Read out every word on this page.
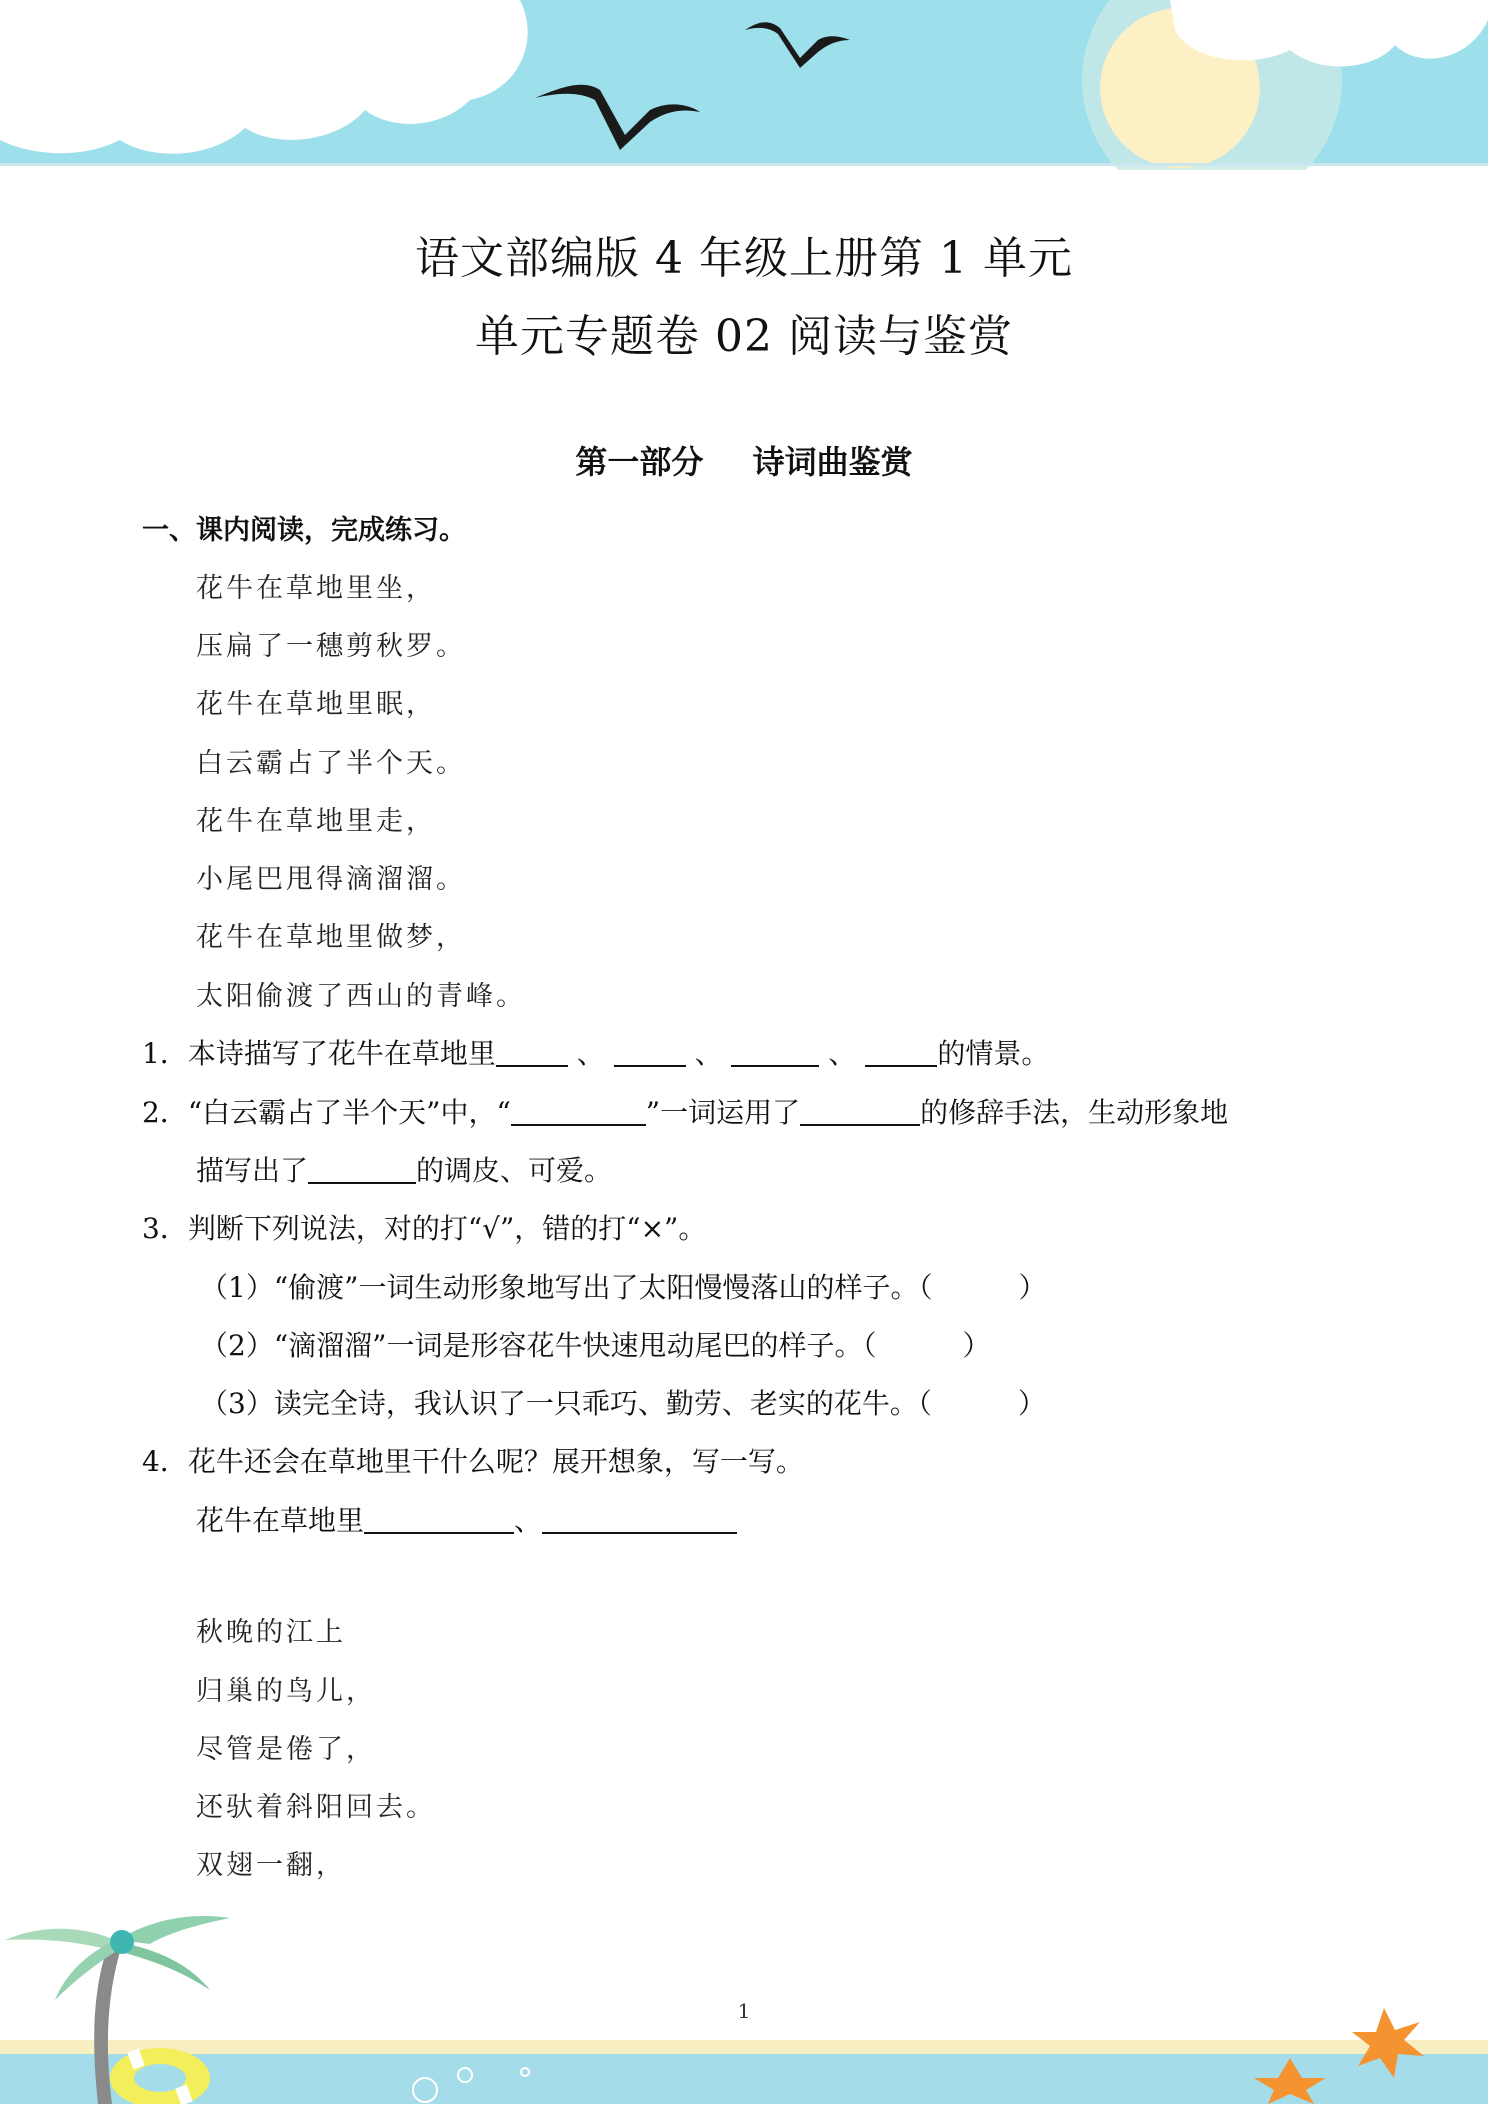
语文部编版 4 年级上册第 1 单元
单元专题卷 02 阅读与鉴赏
第一部分 诗词曲鉴赏
一、课内阅读，完成练习。
花牛在草地里坐，
压扁了一穗剪秋罗。
花牛在草地里眠，
白云霸占了半个天。
花牛在草地里走，
小尾巴甩得滴溜溜。
花牛在草地里做梦，
太阳偷渡了西山的青峰。
1．本诗描写了花牛在草地里	、	、	、	的情景。
2．“白云霸占了半个天”中，“	”一词运用了	的修辞手法，生动形象地
描写出了	的调皮、可爱。
3．判断下列说法，对的打“√”，错的打“×”。
（1）“偷渡”一词生动形象地写出了太阳慢慢落山的样子。（	）
（2）“滴溜溜”一词是形容花牛快速甩动尾巴的样子。（	）
（3）读完全诗，我认识了一只乖巧、勤劳、老实的花牛。（	）
4．花牛还会在草地里干什么呢？展开想象，写一写。
花牛在草地里	、
秋晚的江上
归巢的鸟儿，
尽管是倦了，
还驮着斜阳回去。
双翅一翻，
1
